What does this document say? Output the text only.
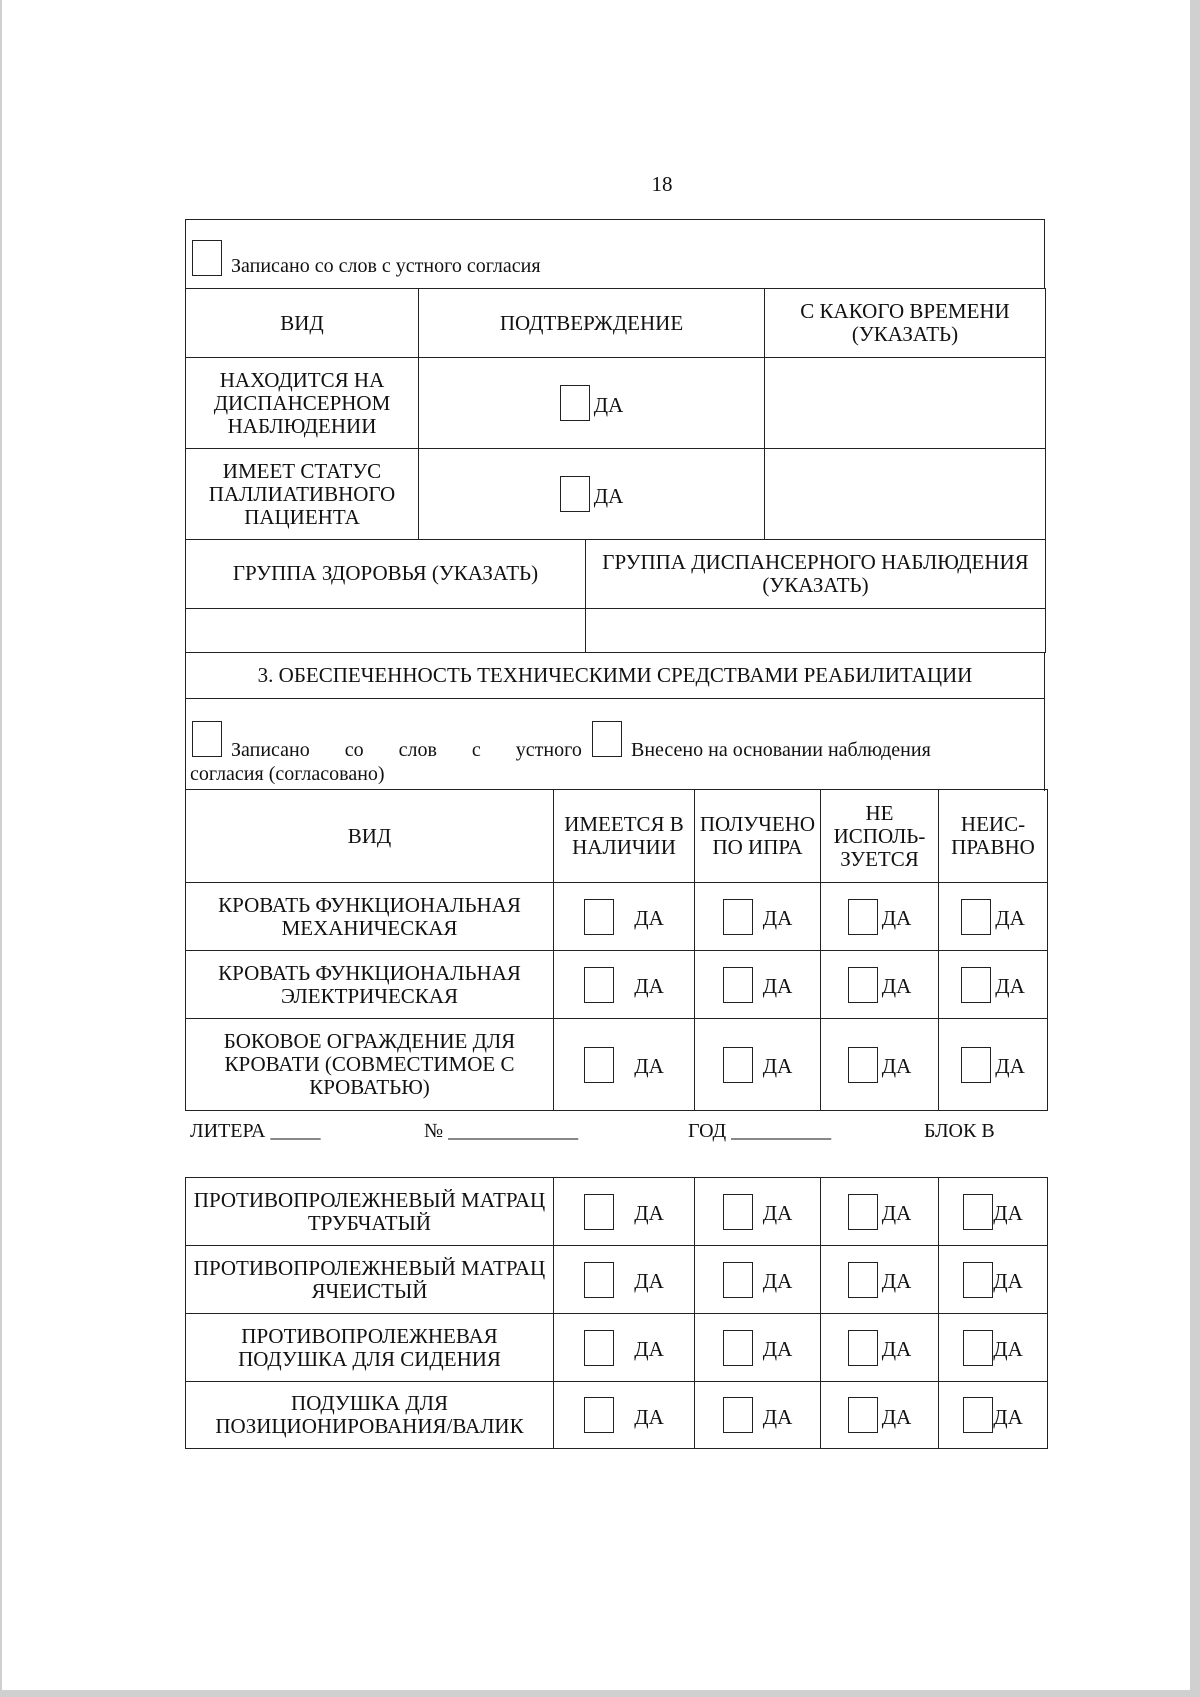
18
Записано со слов с устного согласия
ВИД	ПОДТВЕРЖДЕНИЕ	С КАКОГО ВРЕМЕНИ (УКАЗАТЬ)
НАХОДИТСЯ НА ДИСПАНСЕРНОМ НАБЛЮДЕНИИ	ДА	
ИМЕЕТ СТАТУС ПАЛЛИАТИВНОГО ПАЦИЕНТА	ДА	
ГРУППА ЗДОРОВЬЯ (УКАЗАТЬ)	ГРУППА ДИСПАНСЕРНОГО НАБЛЮДЕНИЯ (УКАЗАТЬ)

3. ОБЕСПЕЧЕННОСТЬ ТЕХНИЧЕСКИМИ СРЕДСТВАМИ РЕАБИЛИТАЦИИ
Записано со слов с устного	Внесено на основании наблюдения
согласия (согласовано)
ВИД	ИМЕЕТСЯ В НАЛИЧИИ	ПОЛУЧЕНО ПО ИПРА	НЕ ИСПОЛЬ-ЗУЕТСЯ	НЕИС-ПРАВНО
КРОВАТЬ ФУНКЦИОНАЛЬНАЯ МЕХАНИЧЕСКАЯ	ДА	ДА	ДА	ДА
КРОВАТЬ ФУНКЦИОНАЛЬНАЯ ЭЛЕКТРИЧЕСКАЯ	ДА	ДА	ДА	ДА
БОКОВОЕ ОГРАЖДЕНИЕ ДЛЯ КРОВАТИ (СОВМЕСТИМОЕ С КРОВАТЬЮ)	ДА	ДА	ДА	ДА
ЛИТЕРА _____	№ _____________	ГОД __________	БЛОК В
ПРОТИВОПРОЛЕЖНЕВЫЙ МАТРАЦ ТРУБЧАТЫЙ	ДА	ДА	ДА	ДА
ПРОТИВОПРОЛЕЖНЕВЫЙ МАТРАЦ ЯЧЕИСТЫЙ	ДА	ДА	ДА	ДА
ПРОТИВОПРОЛЕЖНЕВАЯ ПОДУШКА ДЛЯ СИДЕНИЯ	ДА	ДА	ДА	ДА
ПОДУШКА ДЛЯ ПОЗИЦИОНИРОВАНИЯ/ВАЛИК	ДА	ДА	ДА	ДА
